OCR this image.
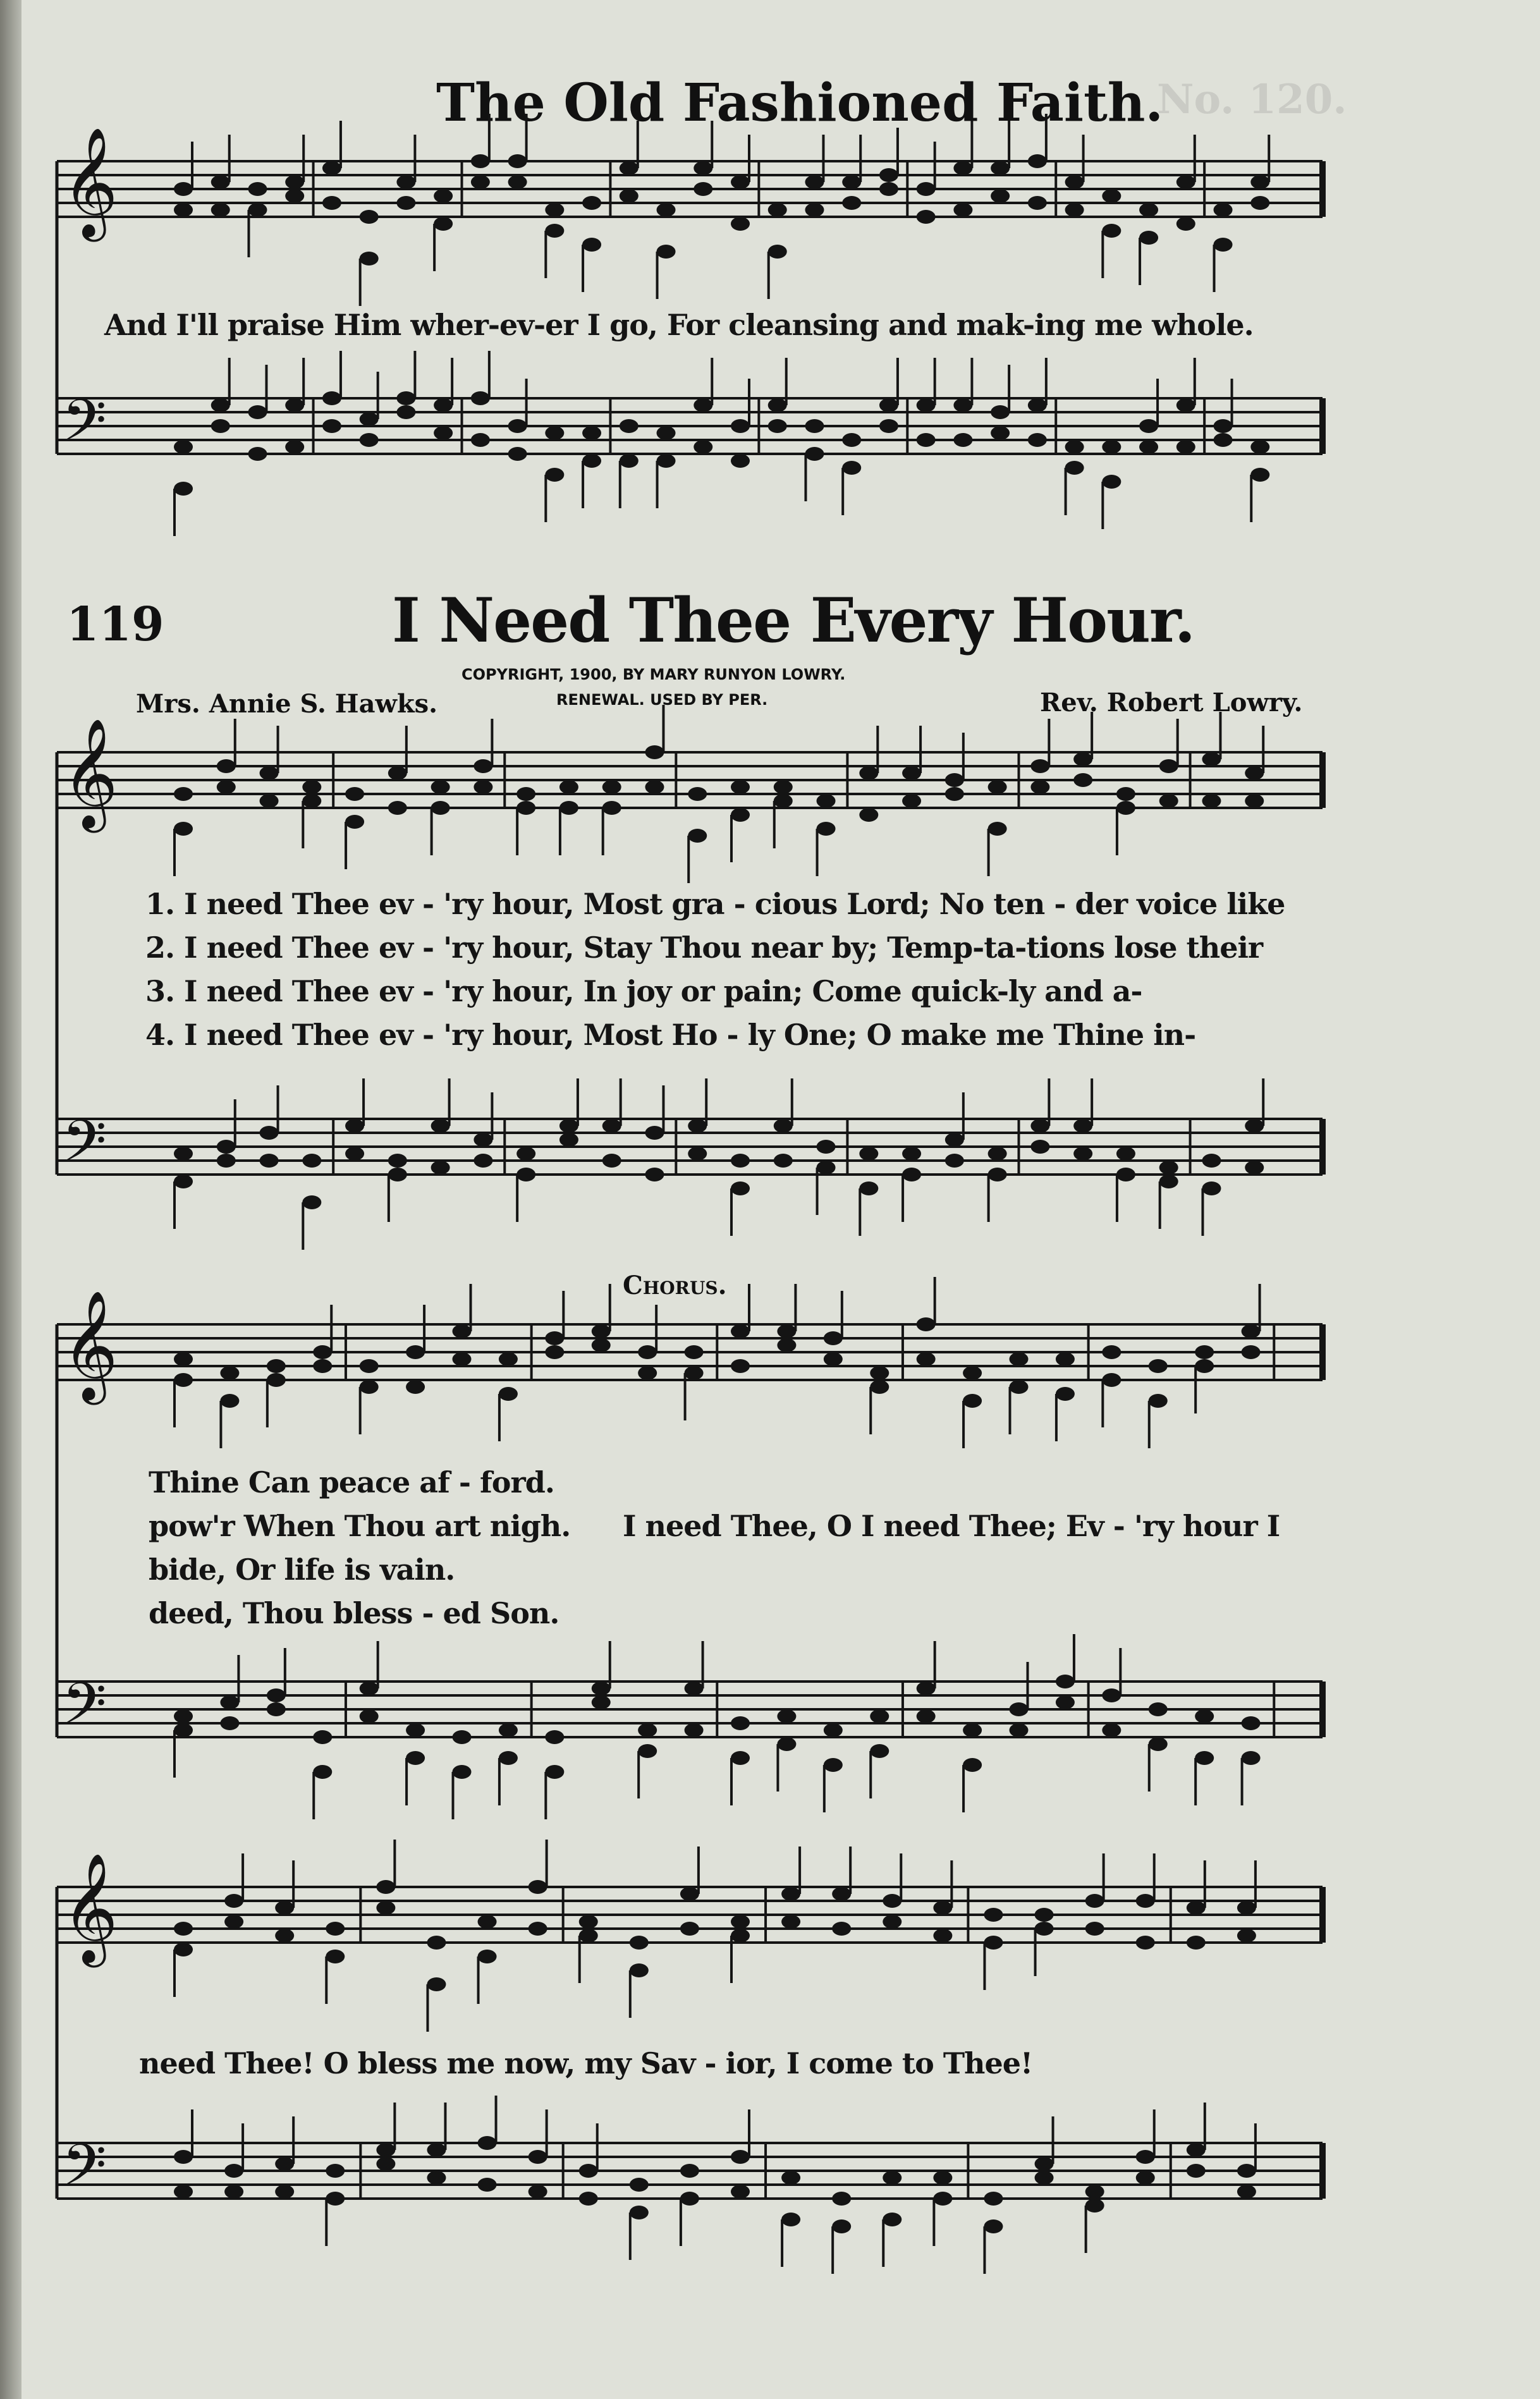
No. 120.
The Old Fashioned Faith.
And I'll praise Him wher-ev-er I go, For cleansing and mak-ing me whole.
119	I Need Thee Every Hour.
COPYRIGHT, 1900, BY MARY RUNYON LOWRY.
RENEWAL. USED BY PER.
Mrs. Annie S. Hawks.	Rev. Robert Lowry.
1. I need Thee ev - 'ry hour, Most gra - cious Lord; No ten - der voice like
2. I need Thee ev - 'ry hour, Stay Thou near by; Temp-ta-tions lose their
3. I need Thee ev - 'ry hour, In joy or pain; Come quick-ly and a-
4. I need Thee ev - 'ry hour, Most Ho - ly One; O make me Thine in-
Chorus.
Thine Can peace af - ford.
pow'r When Thou art nigh.
bide, Or life is vain.
deed, Thou bless - ed Son.
I need Thee, O I need Thee; Ev - 'ry hour I
need Thee! O bless me now, my Sav - ior, I come to Thee!
𝄞
𝄢
𝄞
𝄢
𝄞
𝄢
𝄞
𝄢
